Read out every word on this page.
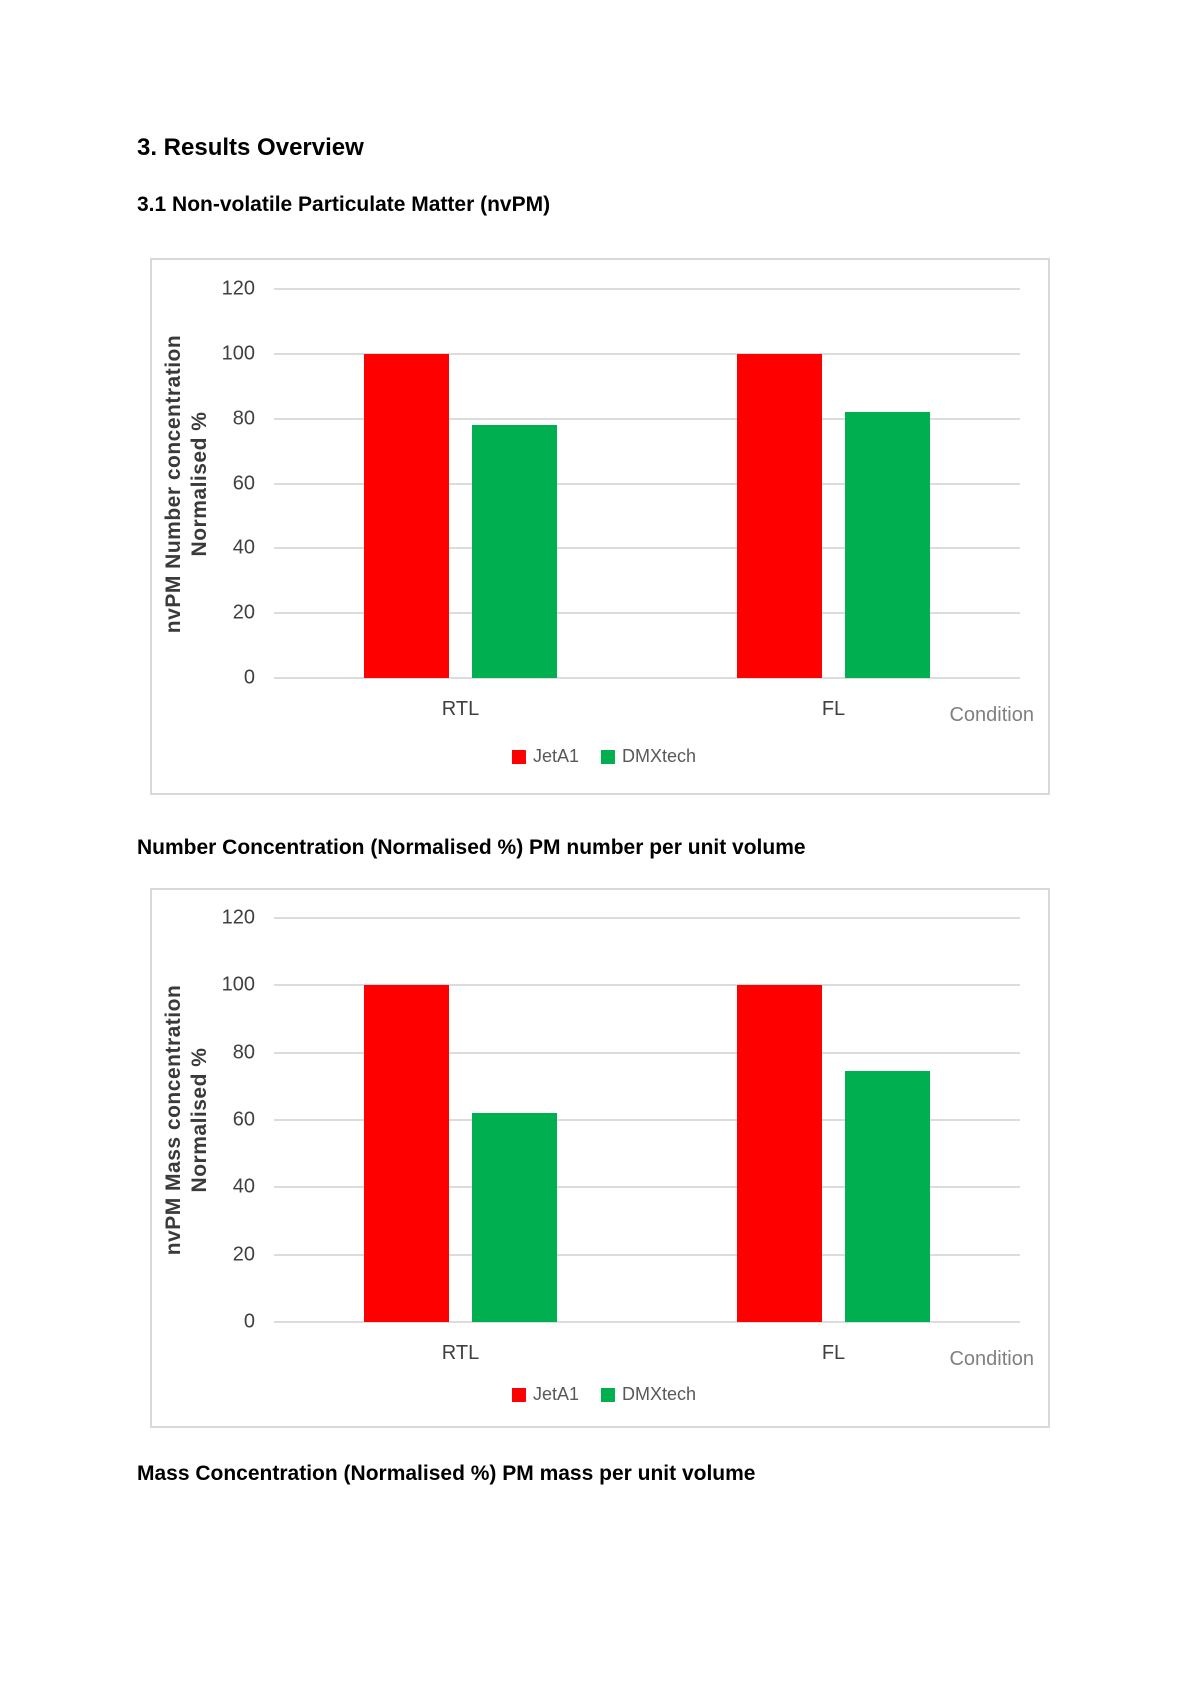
3. Results Overview
3.1 Non-volatile Particulate Matter (nvPM)
nvPM Number concentration Normalised %
0
20
40
60
80
100
120
RTL	FL	Condition
JetA1 DMXtech
Number Concentration (Normalised %) PM number per unit volume
nvPM Mass concentration Normalised %
0
20
40
60
80
100
120
RTL	FL	Condition
JetA1 DMXtech
Mass Concentration (Normalised %) PM mass per unit volume
